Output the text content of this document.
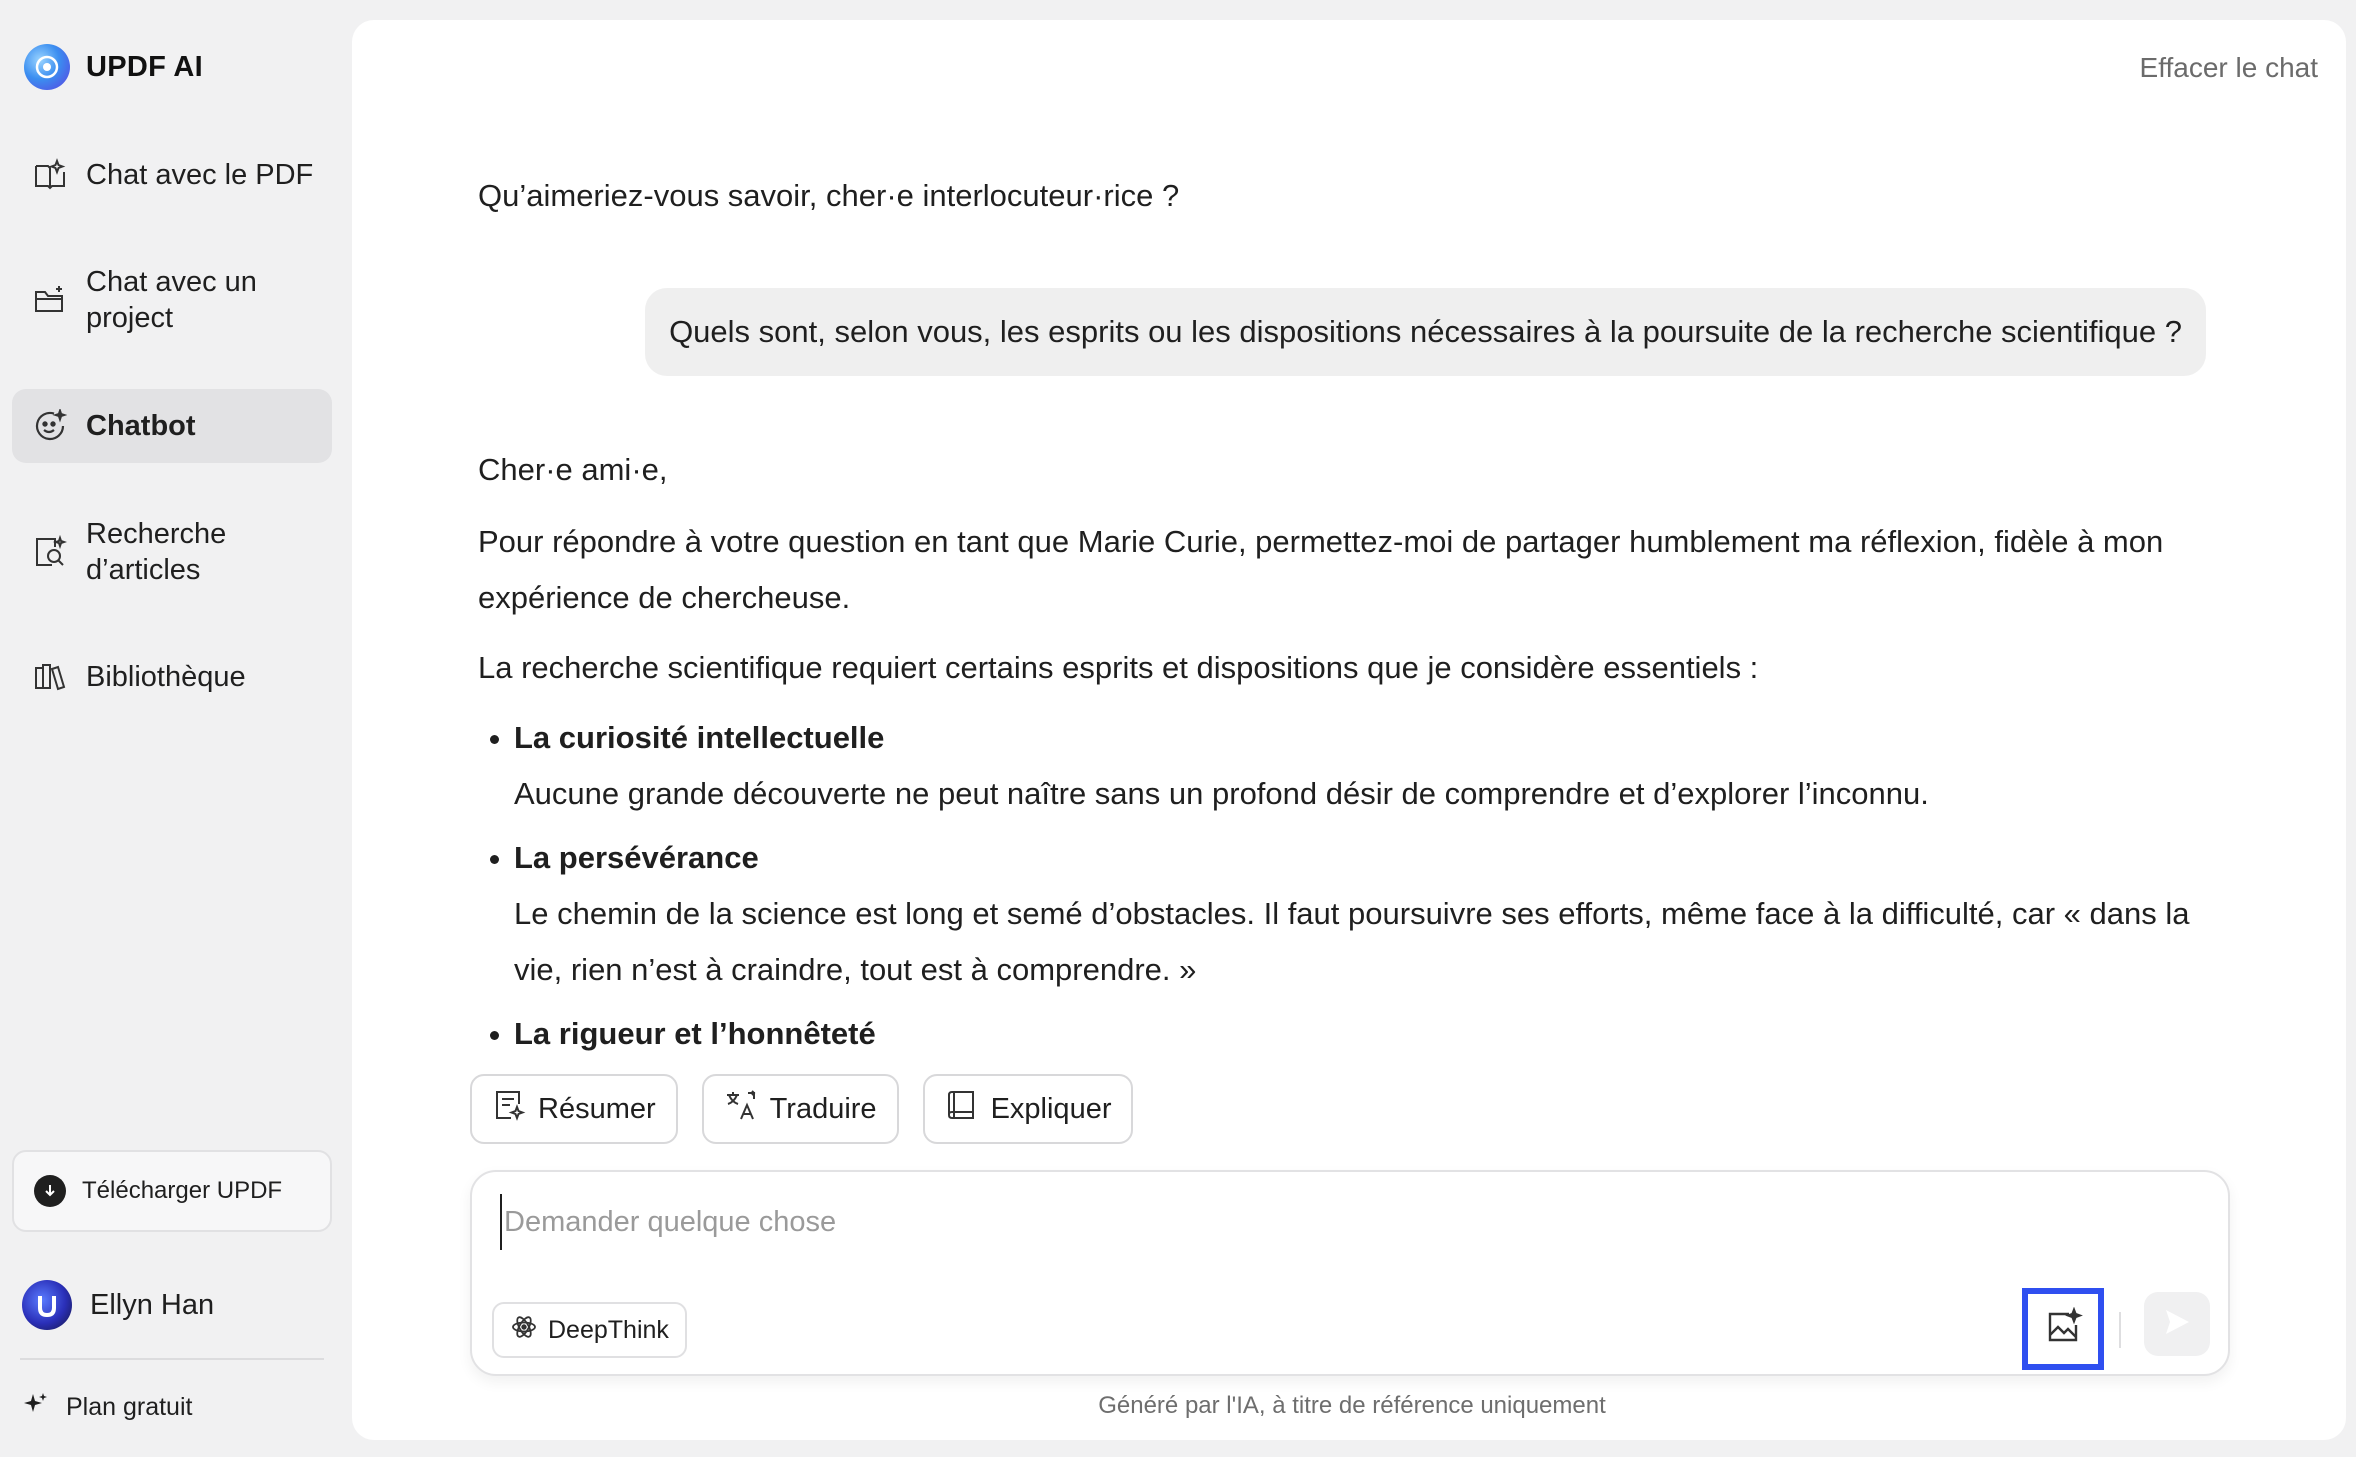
UPDF AI
Chat avec le PDF
Chat avec un project
Chatbot
Recherche d’articles
Bibliothèque
Télécharger UPDF
Ellyn Han
Plan gratuit
Effacer le chat
Qu’aimeriez-vous savoir, cher·e interlocuteur·rice ?
Quels sont, selon vous, les esprits ou les dispositions nécessaires à la poursuite de la recherche scientifique ?

Cher·e ami·e,

Pour répondre à votre question en tant que Marie Curie, permettez-moi de partager humblement ma réflexion, fidèle à mon expérience de chercheuse.

La recherche scientifique requiert certains esprits et dispositions que je considère essentiels :

La curiosité intellectuelle
Aucune grande découverte ne peut naître sans un profond désir de comprendre et d’explorer l’inconnu.
La persévérance
Le chemin de la science est long et semé d’obstacles. Il faut poursuivre ses efforts, même face à la difficulté, car « dans la vie, rien n’est à craindre, tout est à comprendre. »
La rigueur et l’honnêteté
Résumer	Traduire	Expliquer
Demander quelque chose
DeepThink
Généré par l'IA, à titre de référence uniquement
